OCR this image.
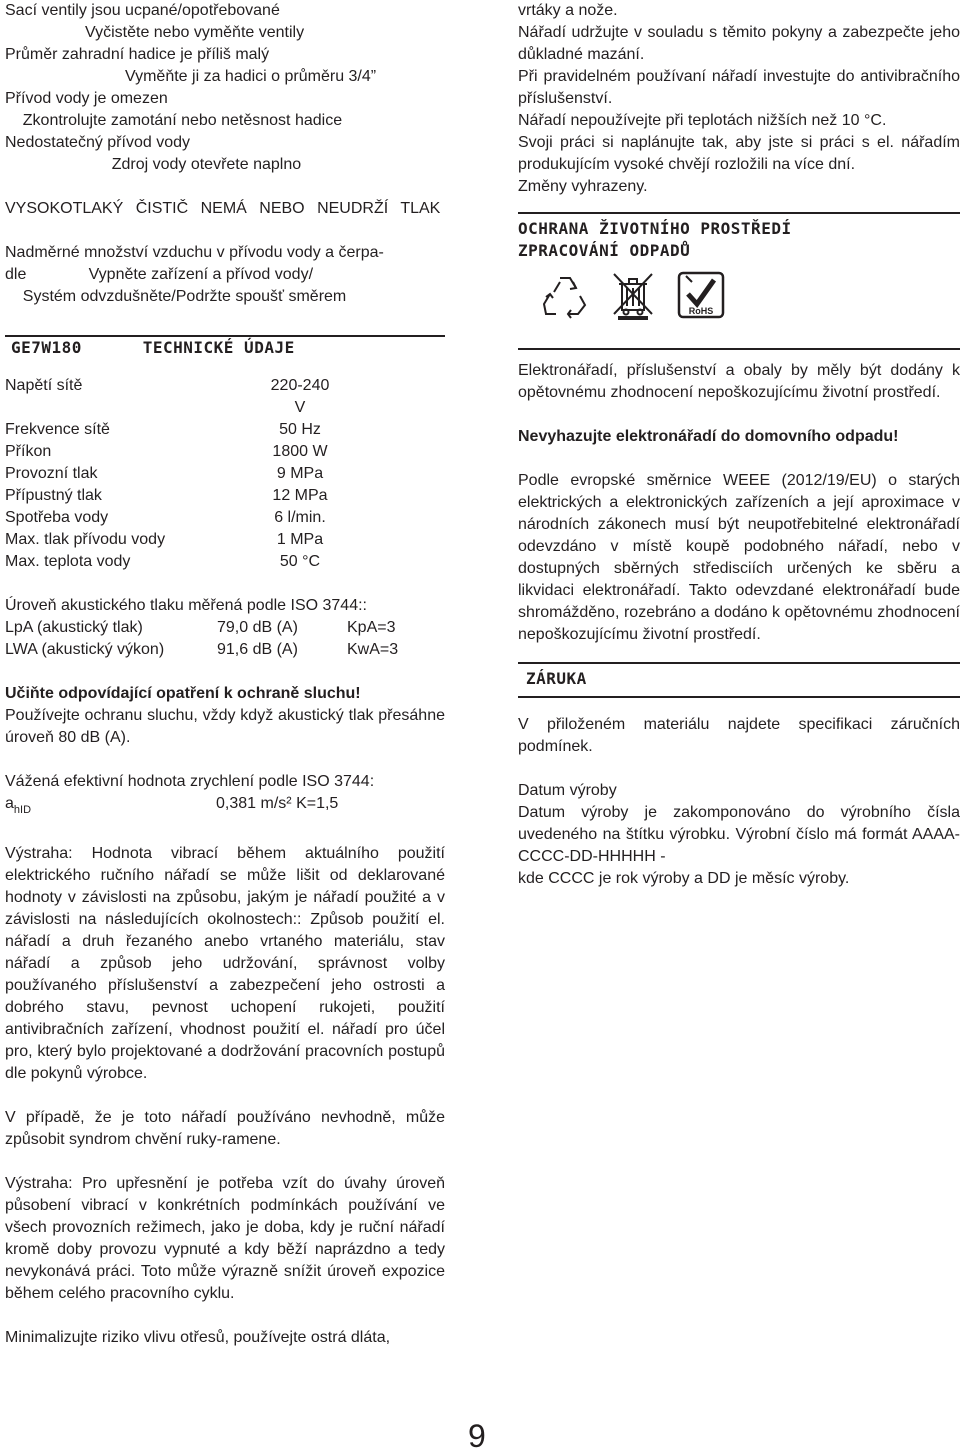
Sací ventily jsou ucpané/opotřebované

Vyčistěte nebo vyměňte ventily

Průměr zahradní hadice je příliš malý

Vyměňte ji za hadici o průměru 3/4”

Přívod vody je omezen

Zkontrolujte zamotání nebo netěsnost hadice

Nedostatečný přívod vody

Zdroj vody otevřete naplno

VYSOKOTLAKÝ ČISTIČ NEMÁ NEBO NEUDRŽÍ TLAK

Nadměrné množství vzduchu v přívodu vody a čerpa-

dle              Vypněte zařízení a přívod vody/

Systém odvzdušněte/Podržte spoušť směrem

GE7W180      TECHNICKÉ ÚDAJE
Napětí sítě	220-240 V
Frekvence sítě	50 Hz
Příkon	1800 W
Provozní tlak	9 MPa
Přípustný tlak	12 MPa
Spotřeba vody	6 l/min.
Max. tlak přívodu vody	1 MPa
Max. teplota vody	50 °C

Úroveň akustického tlaku měřená podle ISO 3744::

LpA (akustický tlak)	79,0 dB (A)	KpA=3
LWA (akustický výkon)	91,6 dB (A)	KwA=3

Učiňte odpovídající opatření k ochraně sluchu!

Používejte ochranu sluchu, vždy když akustický tlak přesáhne úroveň 80 dB (A).

Vážená efektivní hodnota zrychlení podle ISO 3744:

$a_{hID}$	0,381 m/s² K=1,5

Výstraha: Hodnota vibrací během aktuálního použití elektrického ručního nářadí se může lišit od deklarované hodnoty v závislosti na způsobu, jakým je nářadí použité a v závislosti na následujících okolnostech:: Způsob použití el. nářadí a druh řezaného anebo vrtaného materiálu, stav nářadí a způsob jeho udržování, správnost volby používaného příslušenství a zabezpečení jeho ostrosti a dobrého stavu, pevnost uchopení rukojeti, použití antivibračních zařízení, vhodnost použití el. nářadí pro účel pro, který bylo projektované a dodržování pracovních postupů dle pokynů výrobce.

V případě, že je toto nářadí používáno nevhodně, může způsobit syndrom chvění ruky-ramene.

Výstraha: Pro upřesnění je potřeba vzít do úvahy úroveň působení vibrací v konkrétních podmínkách používání ve všech provozních režimech, jako je doba, kdy je ruční nářadí kromě doby provozu vypnuté a kdy běží naprázdno a tedy nevykonává práci. Toto může výrazně snížit úroveň expozice během celého pracovního cyklu.

Minimalizujte riziko vlivu otřesů, používejte ostrá dláta,

vrtáky a nože.

Nářadí udržujte v souladu s těmito pokyny a zabezpečte jeho důkladné mazání.

Při pravidelném používaní nářadí investujte do antivibračního příslušenství.

Nářadí nepoužívejte při teplotách nižších než 10 °C.

Svoji práci si naplánujte tak, aby jste si práci s el. nářadím produkujícím vysoké chvějí rozložili na více dní.

Změny vyhrazeny.

OCHRANA ŽIVOTNÍHO PROSTŘEDÍ
ZPRACOVÁNÍ ODPADŮ
RoHS

Elektronářadí, příslušenství a obaly by měly být dodány k opětovnému zhodnocení nepoškozujícímu životní prostředí.

Nevyhazujte elektronářadí do domovního odpadu!

Podle evropské směrnice WEEE (2012/19/EU) o starých elektrických a elektronických zařízeních a její aproximace v národních zákonech musí být neupotřebitelné elektronářadí odevzdáno v místě koupě podobného nářadí, nebo v dostupných sběrných středisciích určených ke sběru a likvidaci elektronářadí. Takto odevzdané elektronářadí bude shromážděno, rozebráno a dodáno k opětovnému zhodnocení nepoškozujícímu životní prostředí.

ZÁRUKA

V přiloženém materiálu najdete specifikaci záručních podmínek.

Datum výroby

Datum výroby je zakomponováno do výrobního čísla uvedeného na štítku výrobku. Výrobní číslo má formát AAAA-CCCC-DD-HHHHH -

kde CCCC je rok výroby a DD je měsíc výroby.

9
